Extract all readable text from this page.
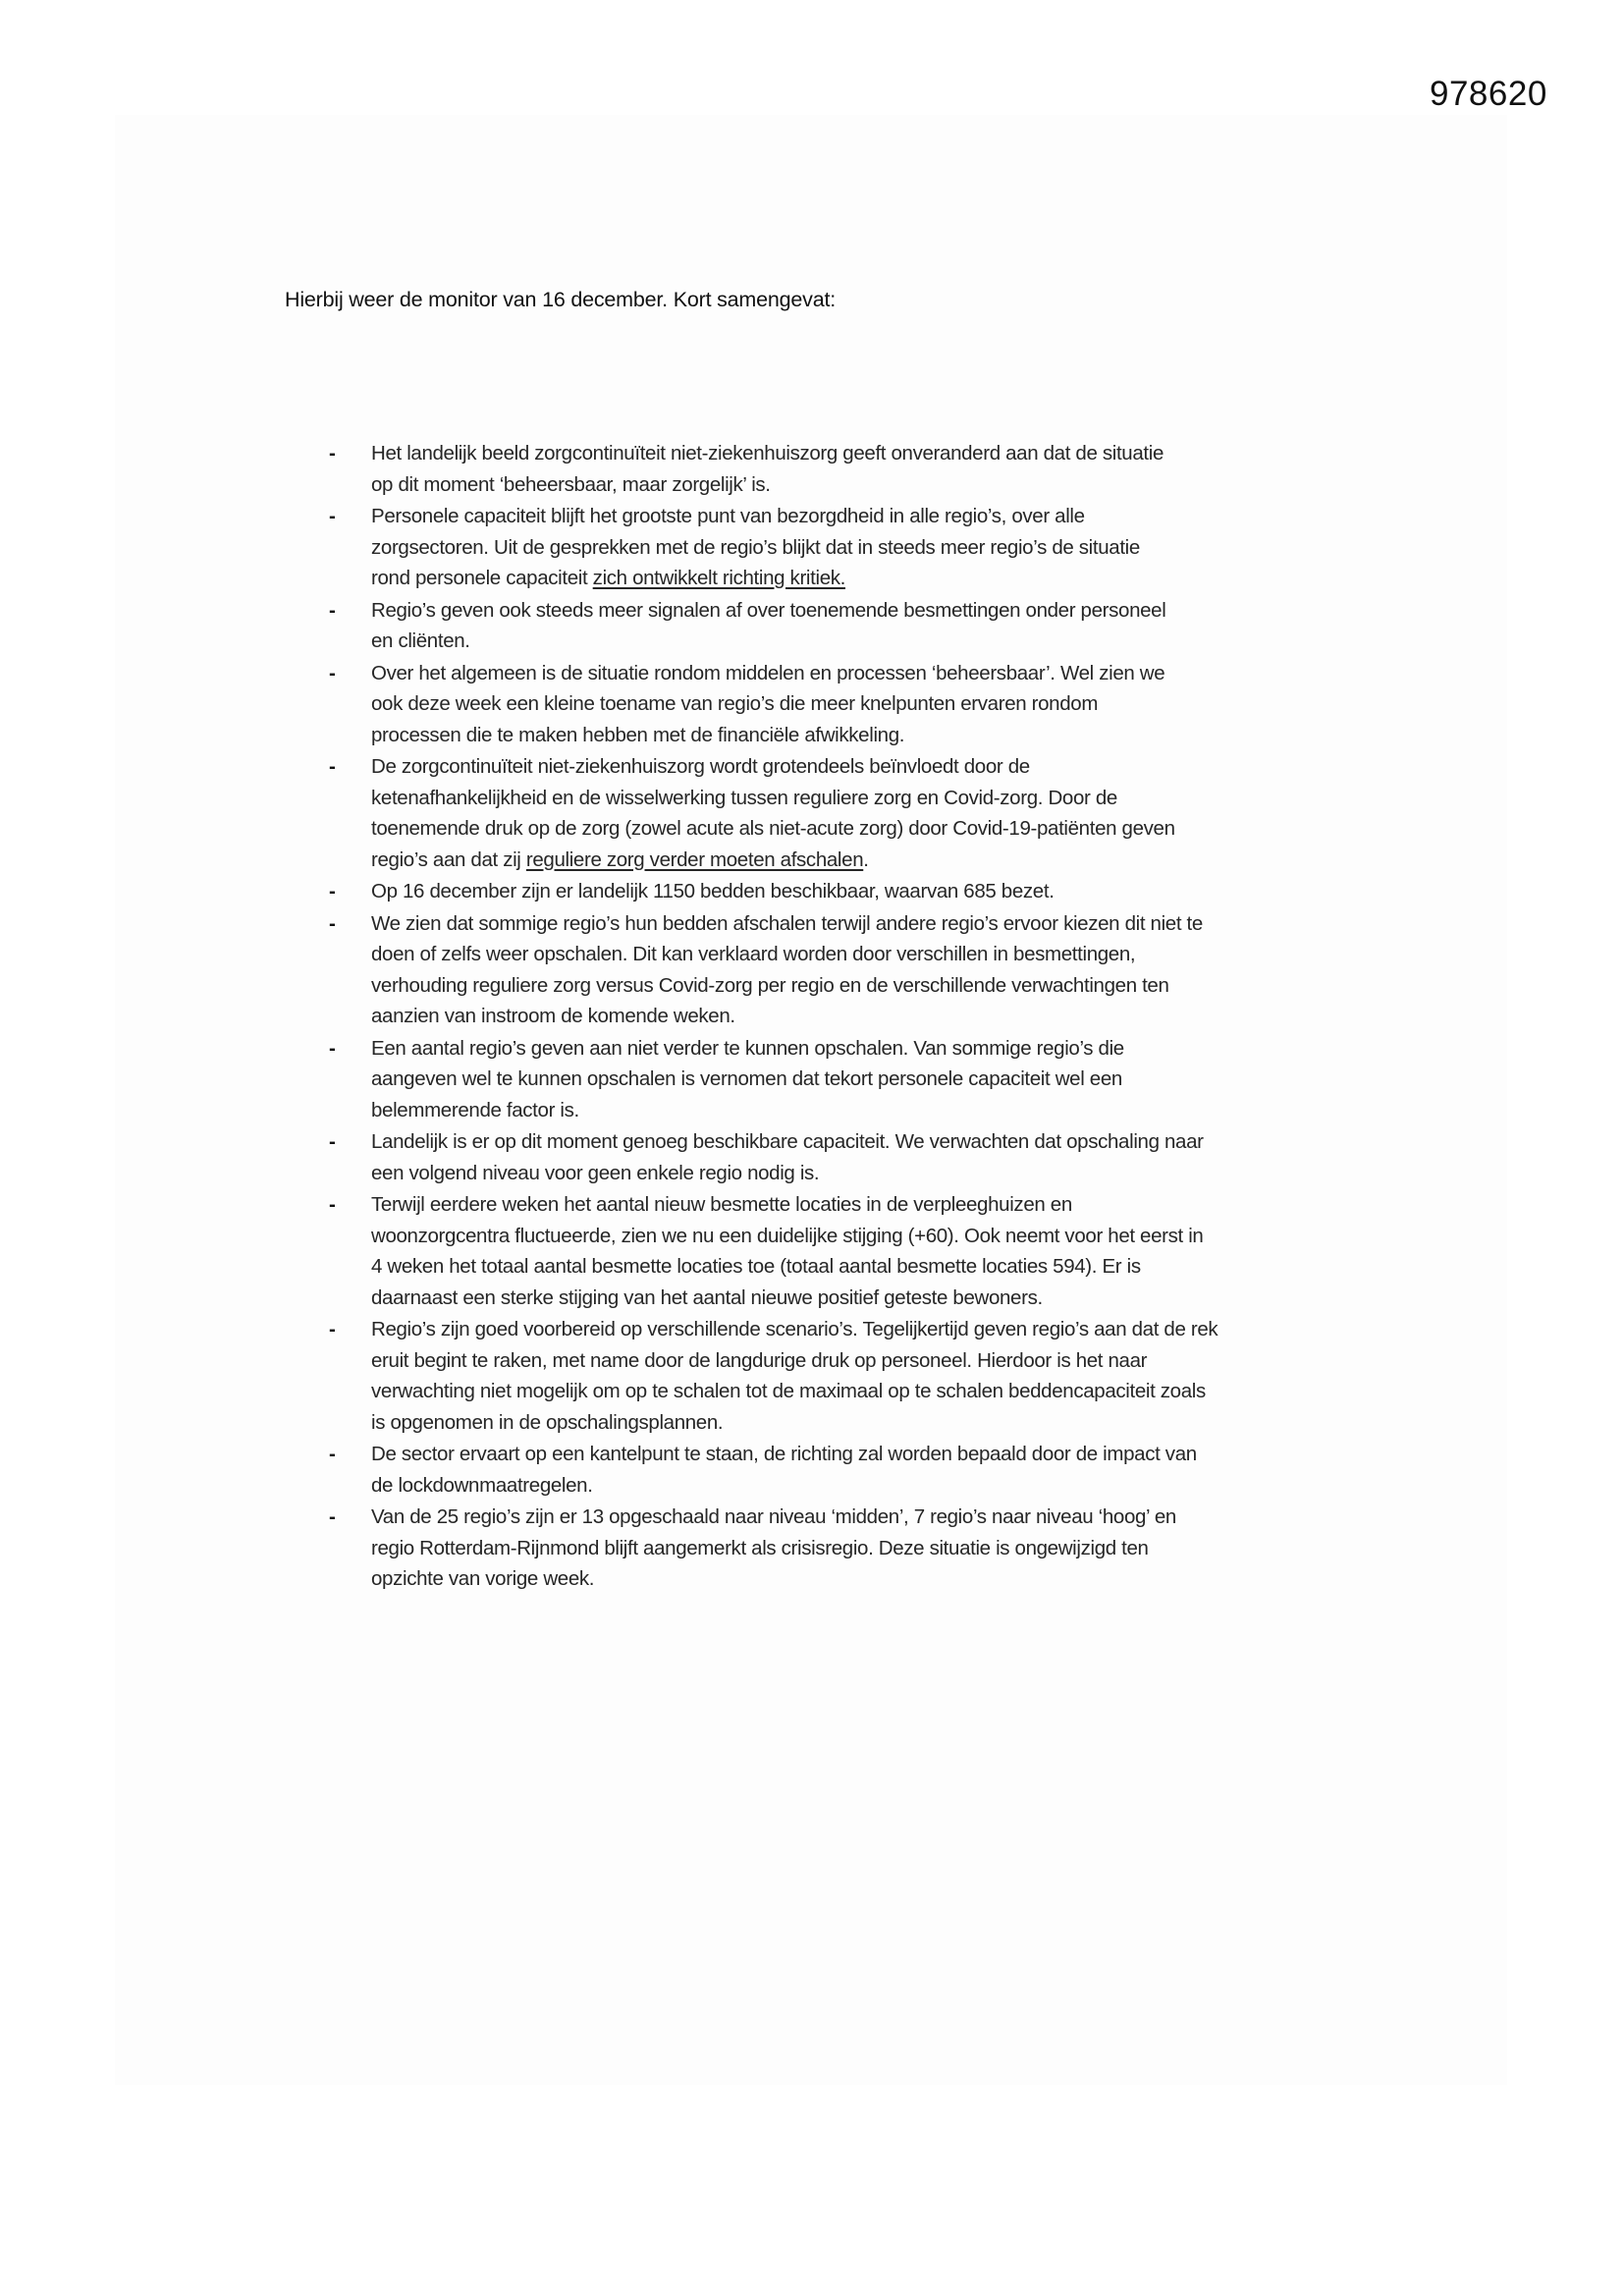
978620
Hierbij weer de monitor van 16 december. Kort samengevat:
- Het landelijk beeld zorgcontinuïteit niet-ziekenhuiszorg geeft onveranderd aan dat de situatie
op dit moment ‘beheersbaar, maar zorgelijk’ is.
- Personele capaciteit blijft het grootste punt van bezorgdheid in alle regio’s, over alle
zorgsectoren. Uit de gesprekken met de regio’s blijkt dat in steeds meer regio’s de situatie
rond personele capaciteit zich ontwikkelt richting kritiek.
- Regio’s geven ook steeds meer signalen af over toenemende besmettingen onder personeel
en cliënten.
- Over het algemeen is de situatie rondom middelen en processen ‘beheersbaar’. Wel zien we
ook deze week een kleine toename van regio’s die meer knelpunten ervaren rondom
processen die te maken hebben met de financiële afwikkeling.
- De zorgcontinuïteit niet-ziekenhuiszorg wordt grotendeels beïnvloedt door de
ketenafhankelijkheid en de wisselwerking tussen reguliere zorg en Covid-zorg. Door de
toenemende druk op de zorg (zowel acute als niet-acute zorg) door Covid-19-patiënten geven
regio’s aan dat zij reguliere zorg verder moeten afschalen.
- Op 16 december zijn er landelijk 1150 bedden beschikbaar, waarvan 685 bezet.
- We zien dat sommige regio’s hun bedden afschalen terwijl andere regio’s ervoor kiezen dit niet te
doen of zelfs weer opschalen. Dit kan verklaard worden door verschillen in besmettingen,
verhouding reguliere zorg versus Covid-zorg per regio en de verschillende verwachtingen ten
aanzien van instroom de komende weken.
- Een aantal regio’s geven aan niet verder te kunnen opschalen. Van sommige regio’s die
aangeven wel te kunnen opschalen is vernomen dat tekort personele capaciteit wel een
belemmerende factor is.
- Landelijk is er op dit moment genoeg beschikbare capaciteit. We verwachten dat opschaling naar
een volgend niveau voor geen enkele regio nodig is.
- Terwijl eerdere weken het aantal nieuw besmette locaties in de verpleeghuizen en
woonzorgcentra fluctueerde, zien we nu een duidelijke stijging (+60). Ook neemt voor het eerst in
4 weken het totaal aantal besmette locaties toe (totaal aantal besmette locaties 594). Er is
daarnaast een sterke stijging van het aantal nieuwe positief geteste bewoners.
- Regio’s zijn goed voorbereid op verschillende scenario’s. Tegelijkertijd geven regio’s aan dat de rek
eruit begint te raken, met name door de langdurige druk op personeel. Hierdoor is het naar
verwachting niet mogelijk om op te schalen tot de maximaal op te schalen beddencapaciteit zoals
is opgenomen in de opschalingsplannen.
- De sector ervaart op een kantelpunt te staan, de richting zal worden bepaald door de impact van
de lockdownmaatregelen.
- Van de 25 regio’s zijn er 13 opgeschaald naar niveau ‘midden’, 7 regio’s naar niveau ‘hoog’ en
regio Rotterdam-Rijnmond blijft aangemerkt als crisisregio. Deze situatie is ongewijzigd ten
opzichte van vorige week.
